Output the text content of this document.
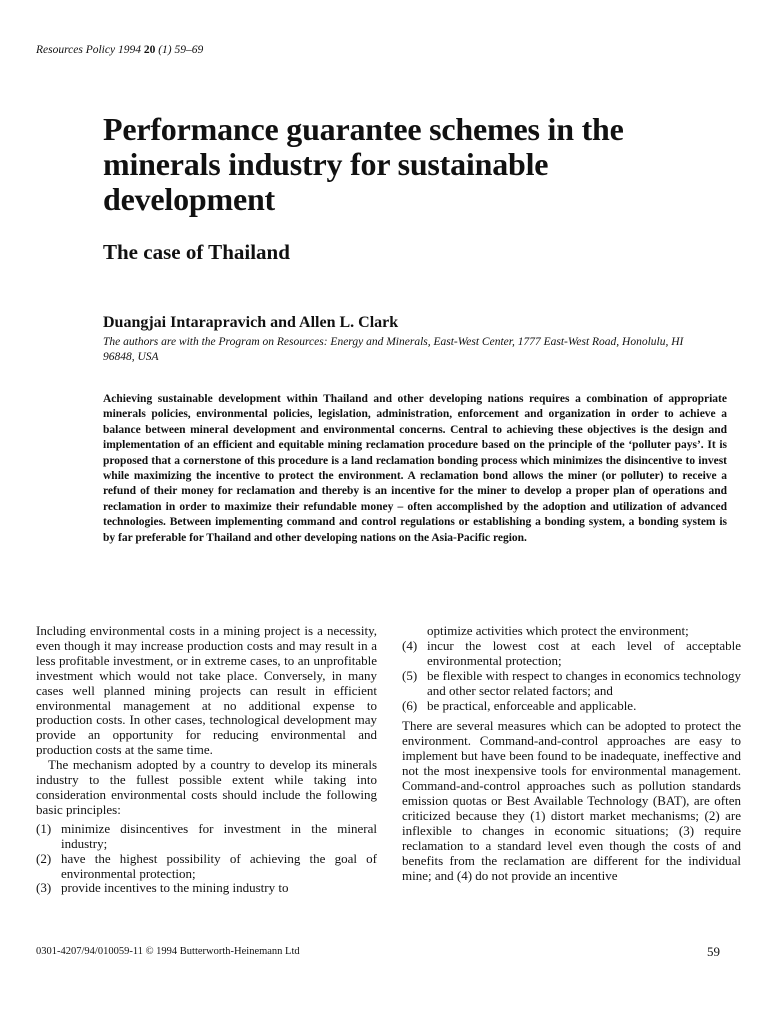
Resources Policy 1994 20 (1) 59–69

Performance guarantee schemes in the minerals industry for sustainable development
The case of Thailand

Duangjai Intarapravich and Allen L. Clark

The authors are with the Program on Resources: Energy and Minerals, East-West Center, 1777 East-West Road, Honolulu, HI 96848, USA

Achieving sustainable development within Thailand and other developing nations requires a combination of appropriate minerals policies, environmental policies, legislation, administration, enforcement and organization in order to achieve a balance between mineral development and environmental concerns. Central to achieving these objectives is the design and implementation of an efficient and equitable mining reclamation procedure based on the principle of the ‘polluter pays’. It is proposed that a cornerstone of this procedure is a land reclamation bonding process which minimizes the disincentive to invest while maximizing the incentive to protect the environment. A reclamation bond allows the miner (or polluter) to receive a refund of their money for reclamation and thereby is an incentive for the miner to develop a proper plan of operations and reclamation in order to maximize their refundable money – often accomplished by the adoption and utilization of advanced technologies. Between implementing command and control regulations or establishing a bonding system, a bonding system is by far preferable for Thailand and other developing nations on the Asia-Pacific region.

Including environmental costs in a mining project is a necessity, even though it may increase production costs and may result in a less profitable investment, or in extreme cases, to an unprofitable investment which would not take place. Conversely, in many cases well planned mining projects can result in efficient environmental management at no additional expense to production costs. In other cases, technological development may provide an opportunity for reducing environmental and production costs at the same time.

The mechanism adopted by a country to develop its minerals industry to the fullest possible extent while taking into consideration environmental costs should include the following basic principles:

(1) minimize disincentives for investment in the mineral industry;
(2) have the highest possibility of achieving the goal of environmental protection;
(3) provide incentives to the mining industry to
optimize activities which protect the environment;
(4) incur the lowest cost at each level of acceptable environmental protection;
(5) be flexible with respect to changes in economics technology and other sector related factors; and
(6) be practical, enforceable and applicable.

There are several measures which can be adopted to protect the environment. Command-and-control approaches are easy to implement but have been found to be inadequate, ineffective and not the most inexpensive tools for environmental management. Command-and-control approaches such as pollution standards emission quotas or Best Available Technology (BAT), are often criticized because they (1) distort market mechanisms; (2) are inflexible to changes in economic situations; (3) require reclamation to a standard level even though the costs of and benefits from the reclamation are different for the individual mine; and (4) do not provide an incentive

0301-4207/94/010059-11 © 1994 Butterworth-Heinemann Ltd	59
